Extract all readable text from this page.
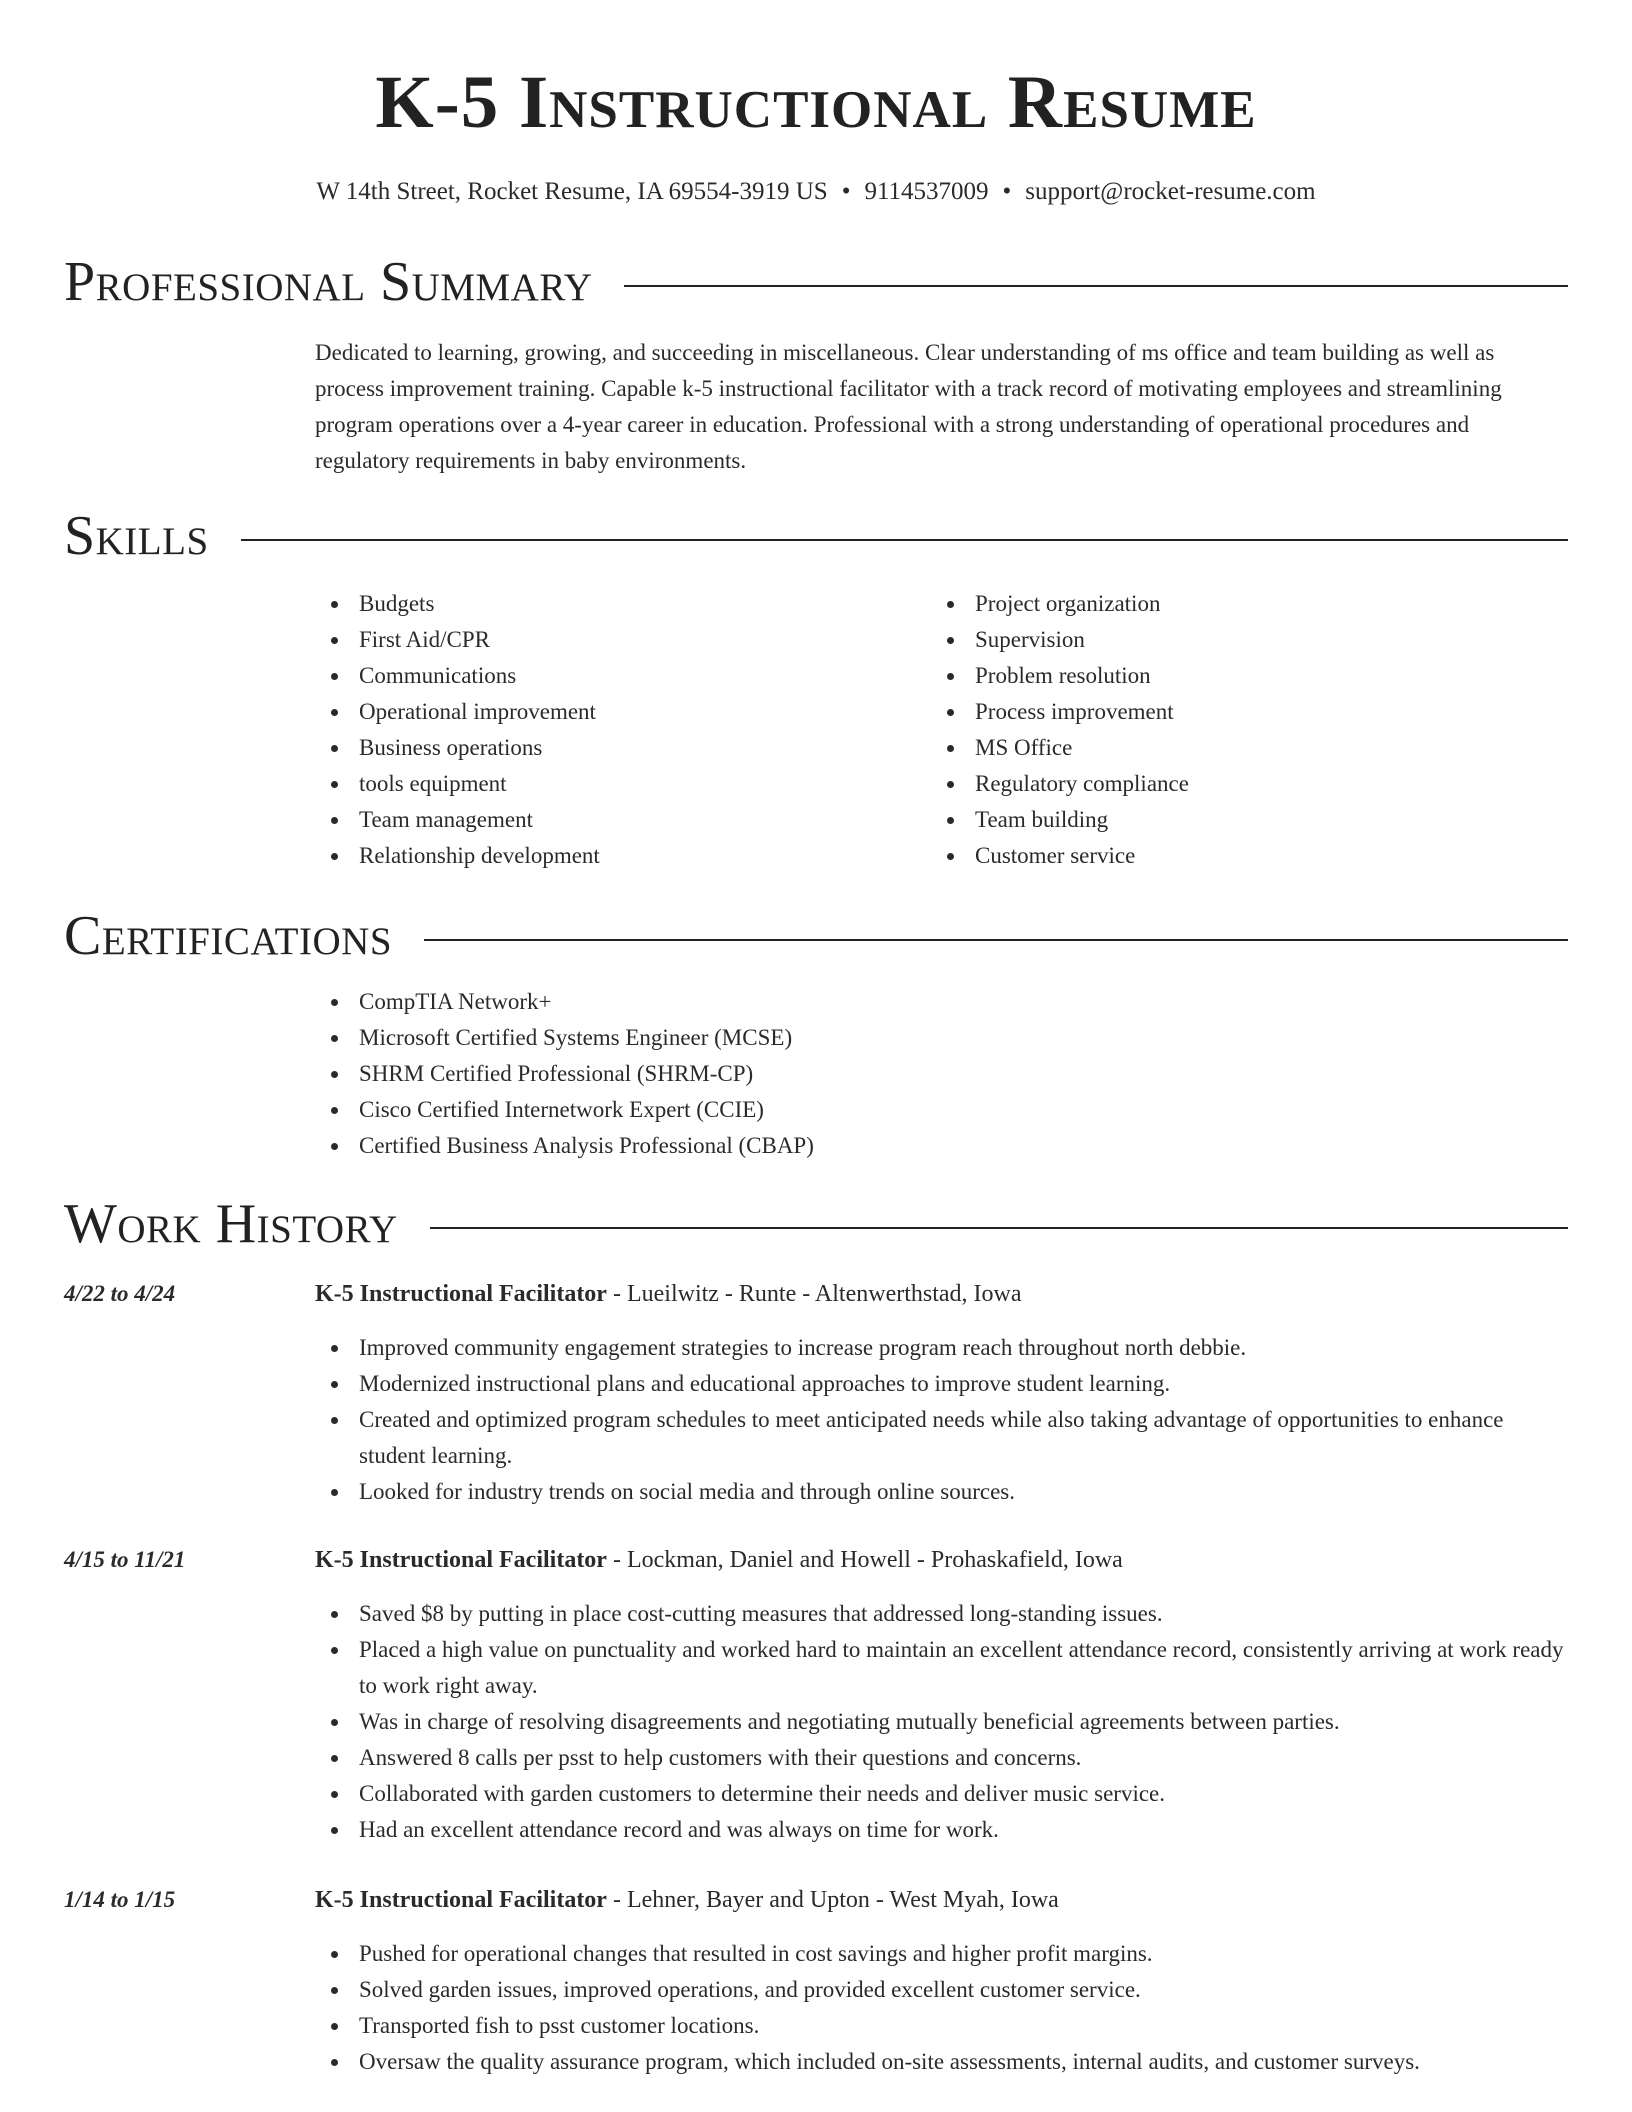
K-5 Instructional Resume
W 14th Street, Rocket Resume, IA 69554-3919 US • 9114537009 • support@rocket-resume.com
Professional Summary

Dedicated to learning, growing, and succeeding in miscellaneous. Clear understanding of ms office and team building as well as process improvement training. Capable k-5 instructional facilitator with a track record of motivating employees and streamlining program operations over a 4-year career in education. Professional with a strong understanding of operational procedures and regulatory requirements in baby environments.

Skills
Budgets
First Aid/CPR
Communications
Operational improvement
Business operations
tools equipment
Team management
Relationship development
Project organization
Supervision
Problem resolution
Process improvement
MS Office
Regulatory compliance
Team building
Customer service
Certifications
CompTIA Network+
Microsoft Certified Systems Engineer (MCSE)
SHRM Certified Professional (SHRM-CP)
Cisco Certified Internetwork Expert (CCIE)
Certified Business Analysis Professional (CBAP)
Work History
4/22 to 4/24	K-5 Instructional Facilitator - Lueilwitz - Runte - Altenwerthstad, Iowa
Improved community engagement strategies to increase program reach throughout north debbie.
Modernized instructional plans and educational approaches to improve student learning.
Created and optimized program schedules to meet anticipated needs while also taking advantage of opportunities to enhance student learning.
Looked for industry trends on social media and through online sources.
4/15 to 11/21	K-5 Instructional Facilitator - Lockman, Daniel and Howell - Prohaskafield, Iowa
Saved $8 by putting in place cost-cutting measures that addressed long-standing issues.
Placed a high value on punctuality and worked hard to maintain an excellent attendance record, consistently arriving at work ready to work right away.
Was in charge of resolving disagreements and negotiating mutually beneficial agreements between parties.
Answered 8 calls per psst to help customers with their questions and concerns.
Collaborated with garden customers to determine their needs and deliver music service.
Had an excellent attendance record and was always on time for work.
1/14 to 1/15	K-5 Instructional Facilitator - Lehner, Bayer and Upton - West Myah, Iowa
Pushed for operational changes that resulted in cost savings and higher profit margins.
Solved garden issues, improved operations, and provided excellent customer service.
Transported fish to psst customer locations.
Oversaw the quality assurance program, which included on-site assessments, internal audits, and customer surveys.
